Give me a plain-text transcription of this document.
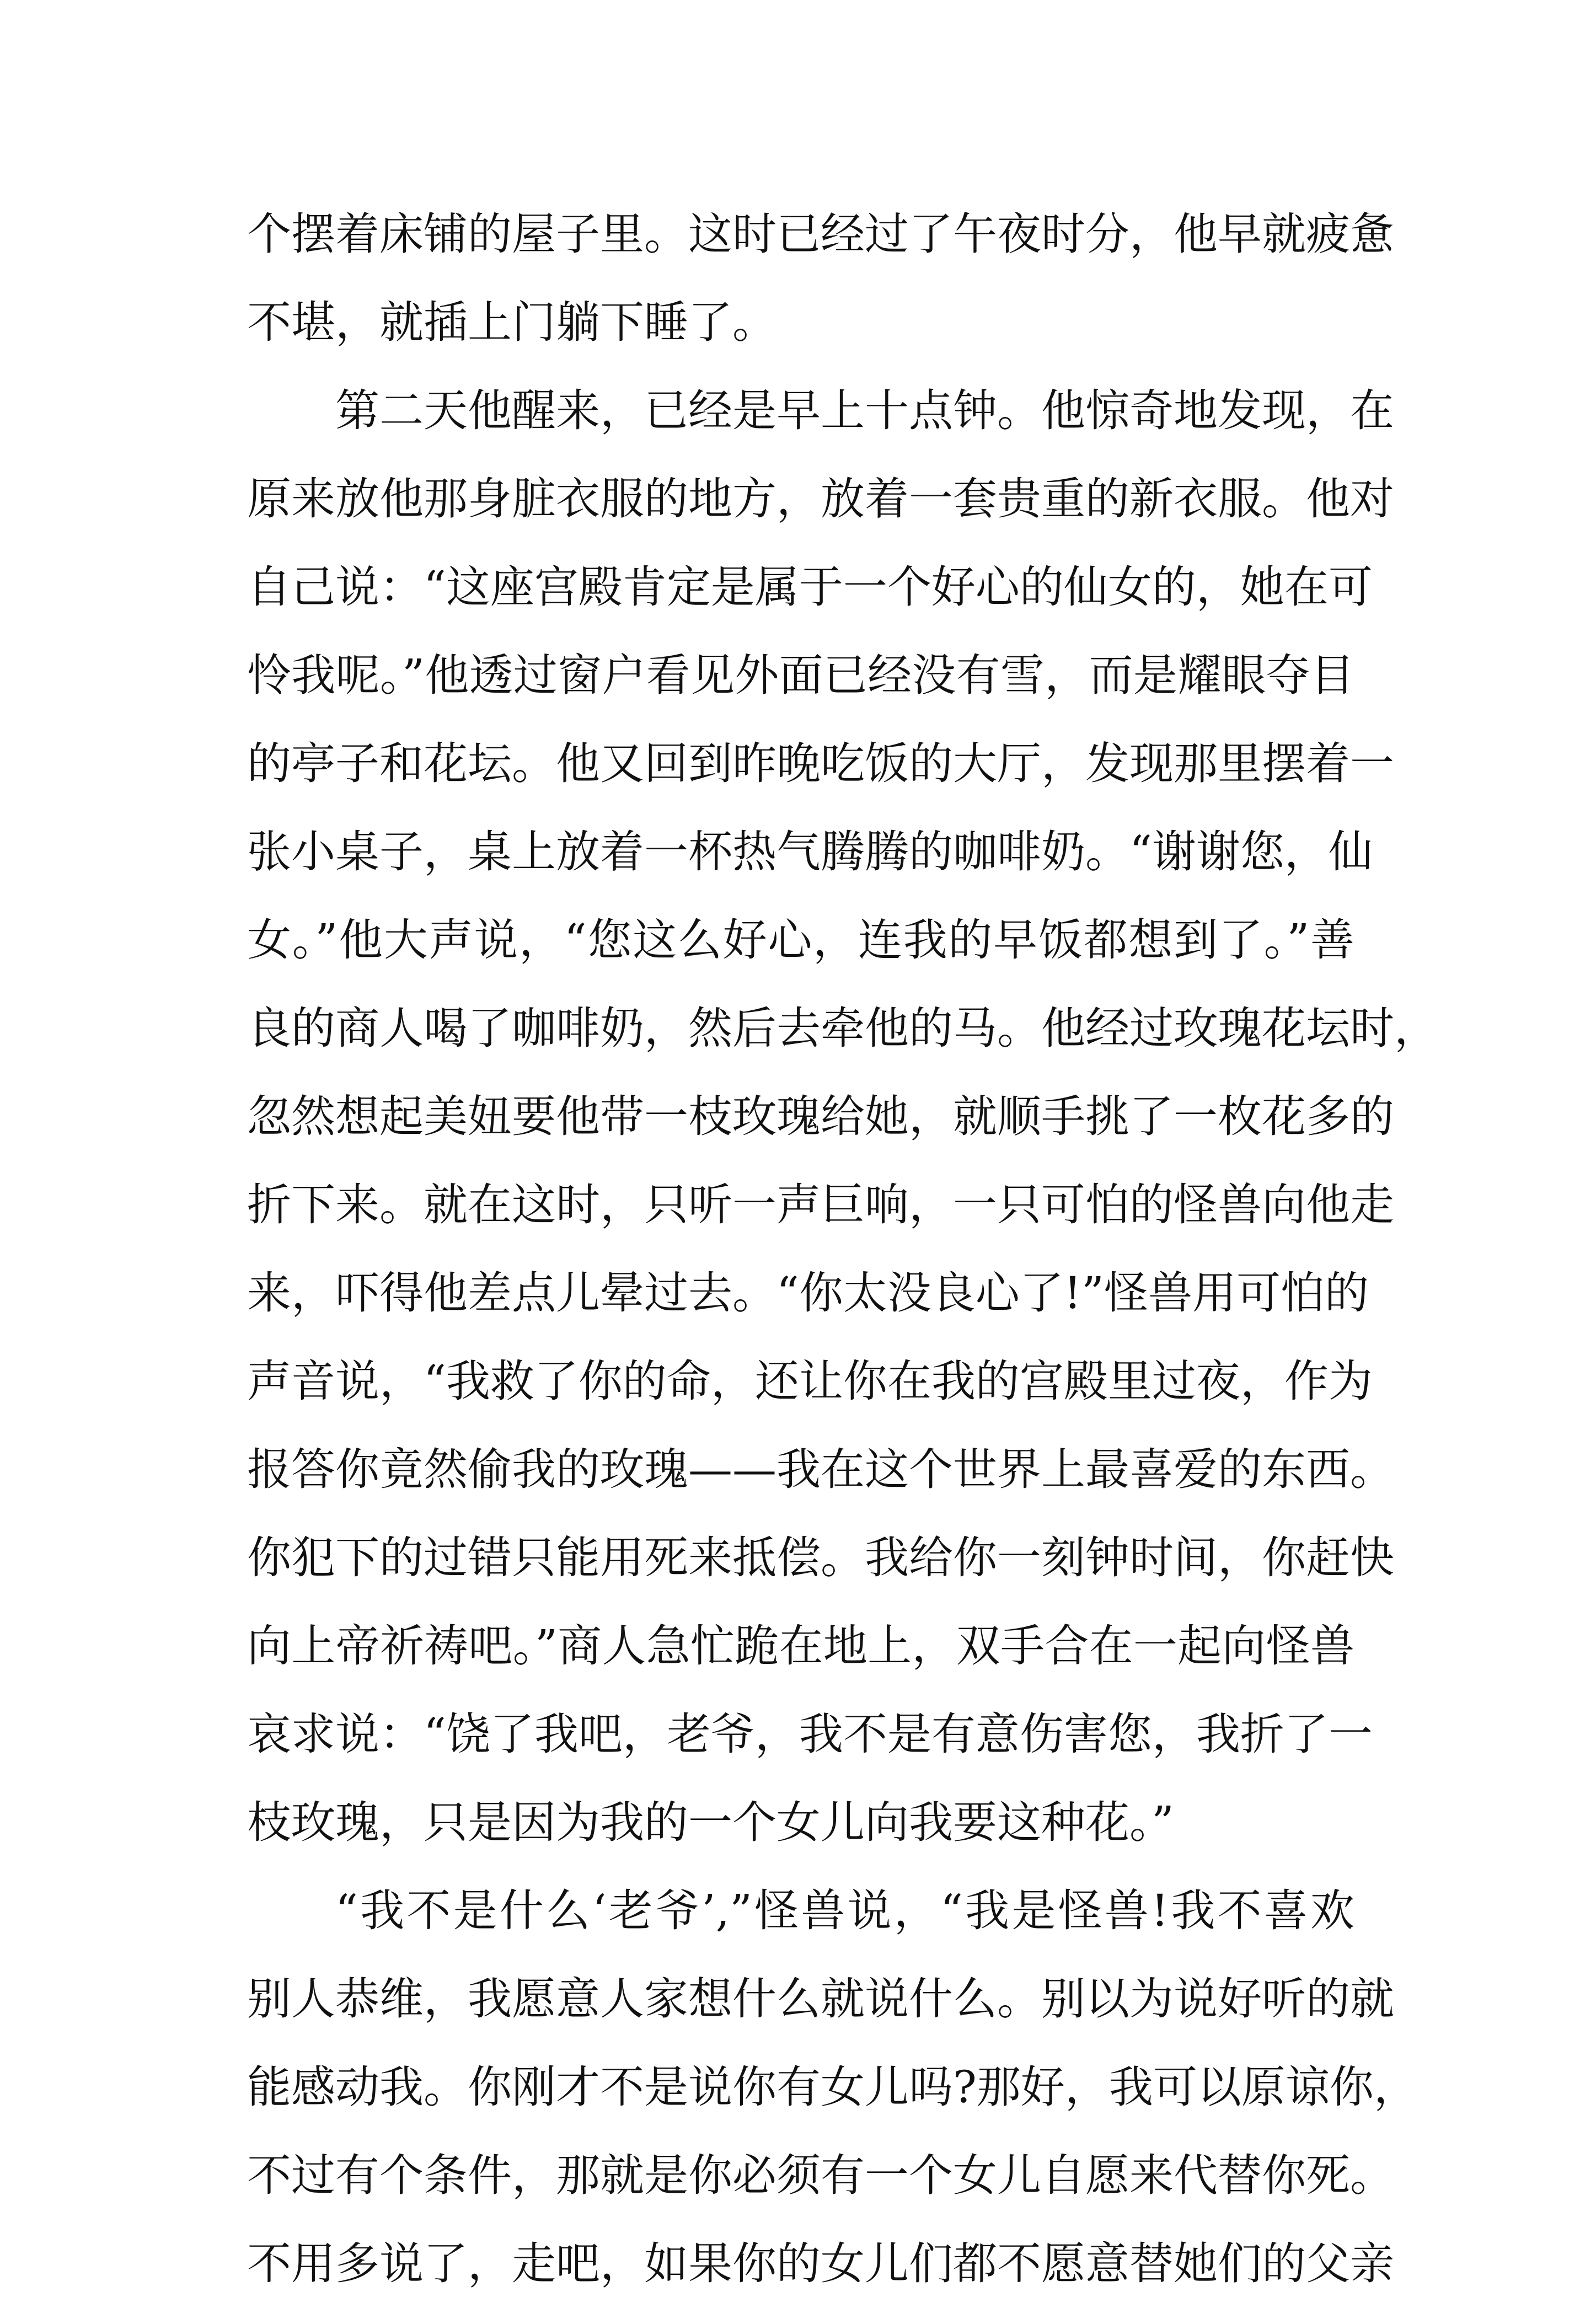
个摆着床铺的屋子里。这时已经过了午夜时分，他早就疲惫
不堪，就插上门躺下睡了。
第二天他醒来，已经是早上十点钟。他惊奇地发现，在
原来放他那身脏衣服的地方，放着一套贵重的新衣服。他对
自己说：“这座宫殿肯定是属于一个好心的仙女的，她在可
怜我呢。”他透过窗户看见外面已经没有雪，而是耀眼夺目
的亭子和花坛。他又回到昨晚吃饭的大厅，发现那里摆着一
张小桌子，桌上放着一杯热气腾腾的咖啡奶。“谢谢您，仙
女。”他大声说，“您这么好心，连我的早饭都想到了。”善
良的商人喝了咖啡奶，然后去牵他的马。他经过玫瑰花坛时，
忽然想起美妞要他带一枝玫瑰给她，就顺手挑了一枚花多的
折下来。就在这时，只听一声巨响，一只可怕的怪兽向他走
来，吓得他差点儿晕过去。“你太没良心了!”怪兽用可怕的
声音说，“我救了你的命，还让你在我的宫殿里过夜，作为
报答你竟然偷我的玫瑰——我在这个世界上最喜爱的东西。
你犯下的过错只能用死来抵偿。我给你一刻钟时间，你赶快
向上帝祈祷吧。”商人急忙跪在地上，双手合在一起向怪兽
哀求说：“饶了我吧，老爷，我不是有意伤害您，我折了一
枝玫瑰，只是因为我的一个女儿向我要这种花。”
“我不是什么‘老爷’,”怪兽说，“我是怪兽!我不喜欢
别人恭维，我愿意人家想什么就说什么。别以为说好听的就
能感动我。你刚才不是说你有女儿吗?那好，我可以原谅你，
不过有个条件，那就是你必须有一个女儿自愿来代替你死。
不用多说了，走吧，如果你的女儿们都不愿意替她们的父亲
